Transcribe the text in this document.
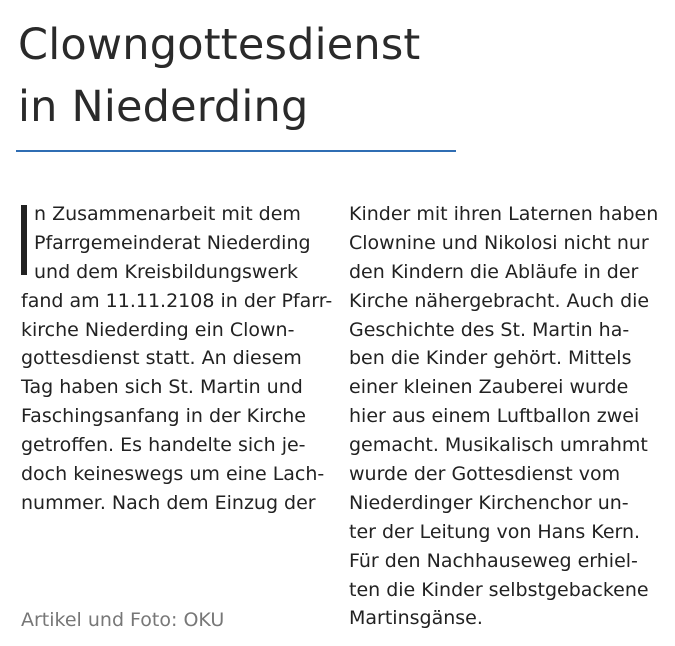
Clowngottesdienst
in Niederding
n Zusammenarbeit mit dem
Pfarrgemeinderat Niederding
und dem Kreisbildungswerk
fand am 11.11.2108 in der Pfarr-
kirche Niederding ein Clown-
gottesdienst statt. An diesem
Tag haben sich St. Martin und
Faschingsanfang in der Kirche
getroffen. Es handelte sich je-
doch keineswegs um eine Lach-
nummer. Nach dem Einzug der
Kinder mit ihren Laternen haben
Clownine und Nikolosi nicht nur
den Kindern die Abläufe in der
Kirche nähergebracht. Auch die
Geschichte des St. Martin ha-
ben die Kinder gehört. Mittels
einer kleinen Zauberei wurde
hier aus einem Luftballon zwei
gemacht. Musikalisch umrahmt
wurde der Gottesdienst vom
Niederdinger Kirchenchor un-
ter der Leitung von Hans Kern.
Für den Nachhauseweg erhiel-
ten die Kinder selbstgebackene
Martinsgänse.
Artikel und Foto: OKU
